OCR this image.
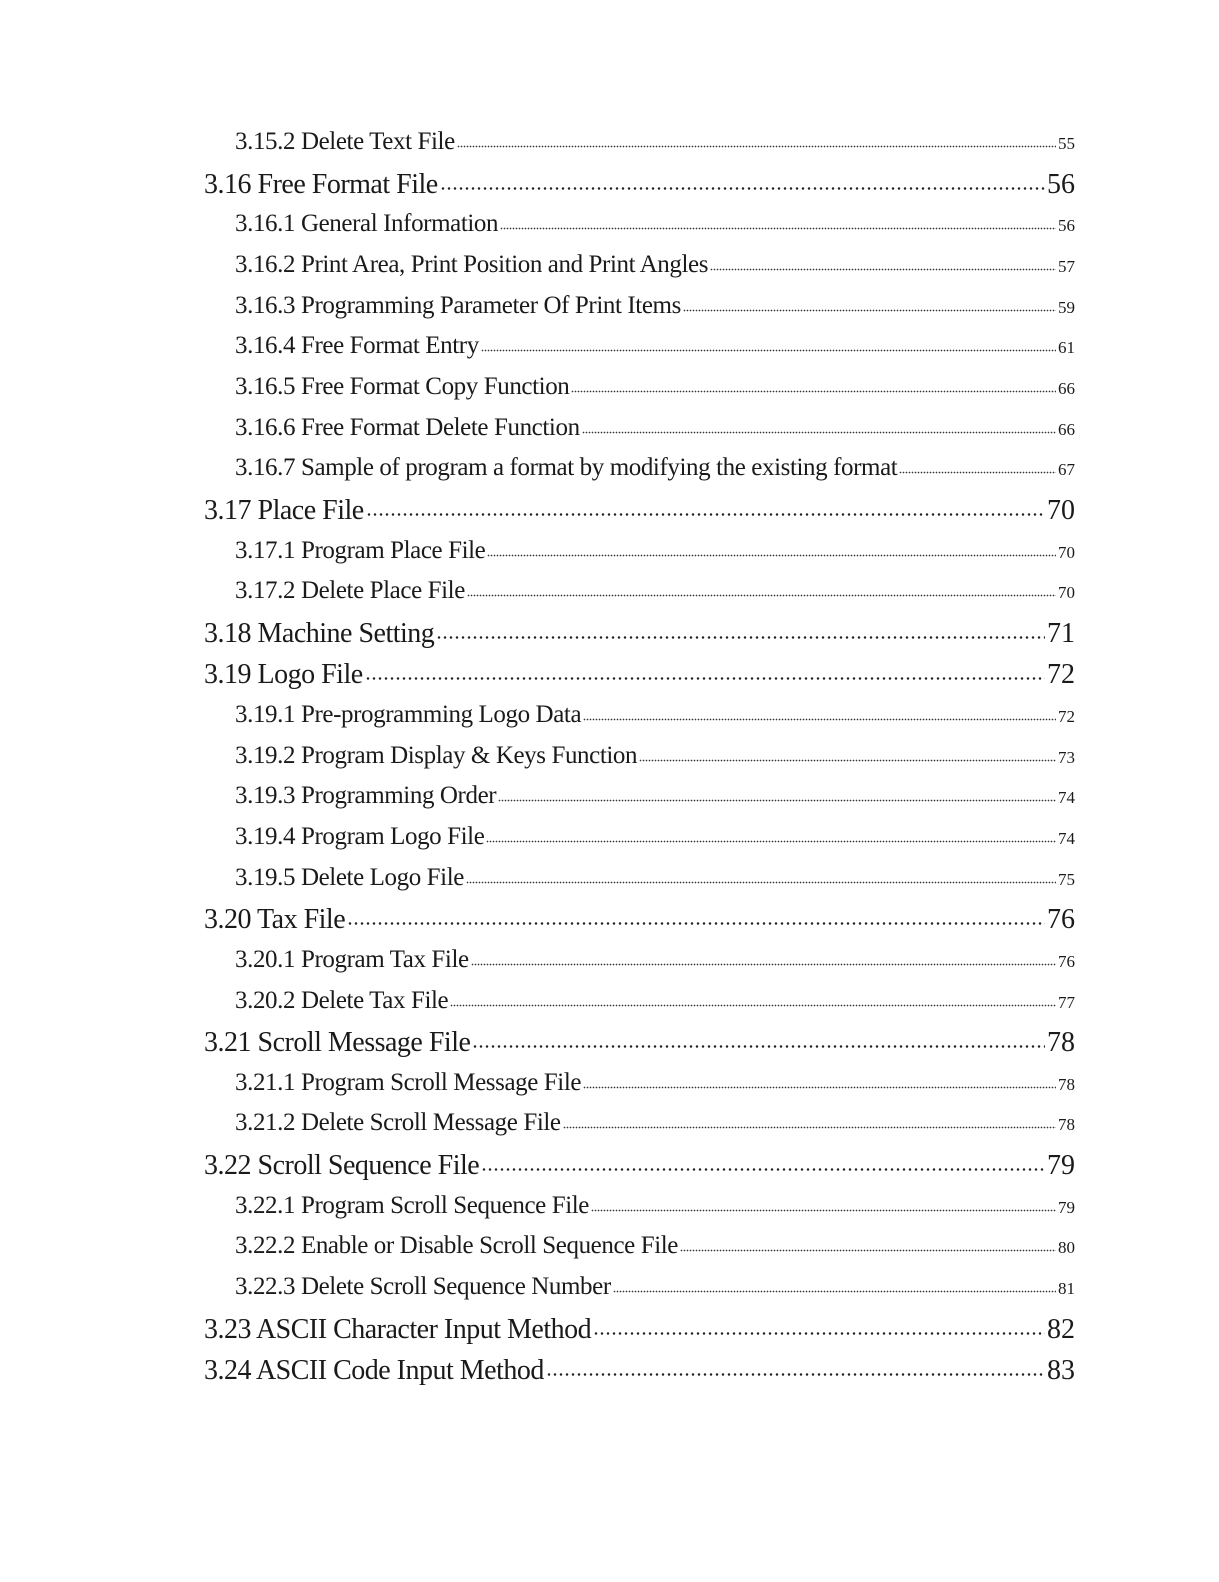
3.15.2 Delete Text File	55
3.16 Free Format File	56
3.16.1 General Information	56
3.16.2 Print Area, Print Position and Print Angles	57
3.16.3 Programming Parameter Of Print Items	59
3.16.4 Free Format Entry	61
3.16.5 Free Format Copy Function	66
3.16.6 Free Format Delete Function	66
3.16.7 Sample of program a format by modifying the existing format	67
3.17 Place File	70
3.17.1 Program Place File	70
3.17.2 Delete Place File	70
3.18 Machine Setting	71
3.19 Logo File	72
3.19.1 Pre-programming Logo Data	72
3.19.2 Program Display & Keys Function	73
3.19.3 Programming Order	74
3.19.4 Program Logo File	74
3.19.5 Delete Logo File	75
3.20 Tax File	76
3.20.1 Program Tax File	76
3.20.2 Delete Tax File	77
3.21 Scroll Message File	78
3.21.1 Program Scroll Message File	78
3.21.2 Delete Scroll Message File	78
3.22 Scroll Sequence File	79
3.22.1 Program Scroll Sequence File	79
3.22.2 Enable or Disable Scroll Sequence File	80
3.22.3 Delete Scroll Sequence Number	81
3.23 ASCII Character Input Method	82
3.24 ASCII Code Input Method	83
